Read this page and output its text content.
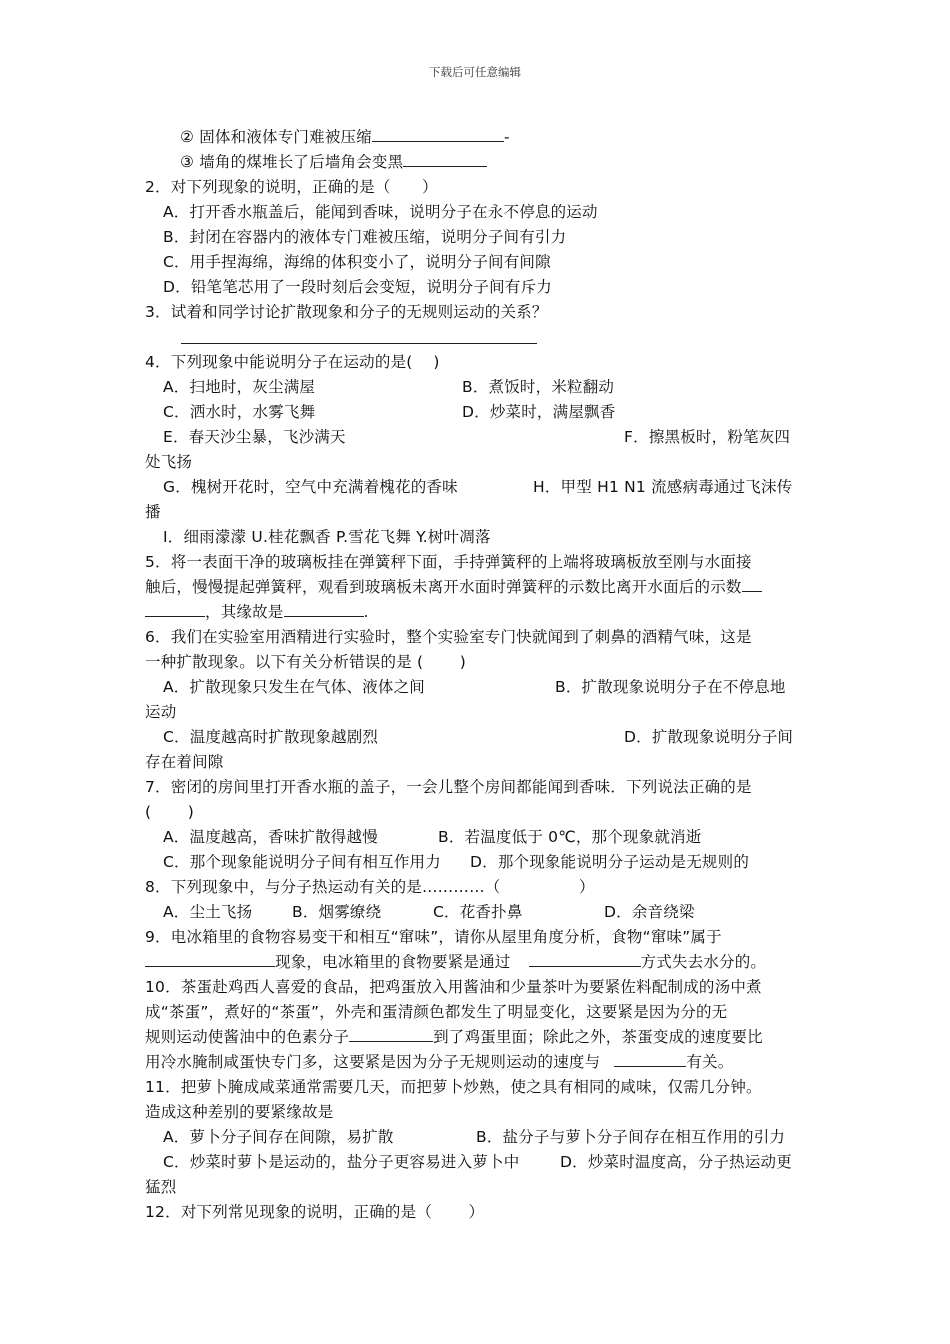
下载后可任意编辑
② 固体和液体专门难被压缩	-
③ 墙角的煤堆长了后墙角会变黑
2．对下列现象的说明，正确的是（　　）
A．打开香水瓶盖后，能闻到香味，说明分子在永不停息的运动
B．封闭在容器内的液体专门难被压缩，说明分子间有引力
C．用手捏海绵，海绵的体积变小了，说明分子间有间隙
D．铅笔笔芯用了一段时刻后会变短，说明分子间有斥力
3．试着和同学讨论扩散现象和分子的无规则运动的关系？
4．下列现象中能说明分子在运动的是(　 )
A．扫地时，灰尘满屋	B．煮饭时，米粒翻动
C．洒水时，水雾飞舞	D．炒菜时，满屋飘香
E．春天沙尘暴，飞沙满天	F．擦黑板时，粉笔灰四
处飞扬
G．槐树开花时，空气中充满着槐花的香味	H．甲型 H1 N1 流感病毒通过飞沫传
播
I．细雨濛濛 U.桂花飘香 P.雪花飞舞 Y.树叶凋落
5．将一表面干净的玻璃板挂在弹簧秤下面，手持弹簧秤的上端将玻璃板放至刚与水面接
触后，慢慢提起弹簧秤，观看到玻璃板未离开水面时弹簧秤的示数比离开水面后的示数
，其缘故是	.
6．我们在实验室用酒精进行实验时，整个实验室专门快就闻到了刺鼻的酒精气味，这是
一种扩散现象。以下有关分析错误的是 (　　 )
A．扩散现象只发生在气体、液体之间	B．扩散现象说明分子在不停息地
运动
C．温度越高时扩散现象越剧烈	D．扩散现象说明分子间
存在着间隙
7．密闭的房间里打开香水瓶的盖子，一会儿整个房间都能闻到香味．下列说法正确的是
(　　 )
A．温度越高，香味扩散得越慢	B．若温度低于 0℃，那个现象就消逝
C．那个现象能说明分子间有相互作用力 D．那个现象能说明分子运动是无规则的
8．下列现象中，与分子热运动有关的是…………（　　　　　）
A．尘土飞扬	B．烟雾缭绕	C．花香扑鼻	D．余音绕梁
9．电冰箱里的食物容易变干和相互“窜味”，请你从屋里角度分析，食物“窜味”属于
现象，电冰箱里的食物要紧是通过	方式失去水分的。
10．茶蛋赴鸡西人喜爱的食品，把鸡蛋放入用酱油和少量茶叶为要紧佐料配制成的汤中煮
成“茶蛋”，煮好的“茶蛋”，外壳和蛋清颜色都发生了明显变化，这要紧是因为分的无
规则运动使酱油中的色素分子	到了鸡蛋里面；除此之外，茶蛋变成的速度要比
用冷水腌制咸蛋快专门多，这要紧是因为分子无规则运动的速度与	有关。
11．把萝卜腌成咸菜通常需要几天，而把萝卜炒熟，使之具有相同的咸味，仅需几分钟。
造成这种差别的要紧缘故是
A．萝卜分子间存在间隙，易扩散	B．盐分子与萝卜分子间存在相互作用的引力
C．炒菜时萝卜是运动的，盐分子更容易进入萝卜中	D．炒菜时温度高，分子热运动更
猛烈
12．对下列常见现象的说明，正确的是（　　 ）
